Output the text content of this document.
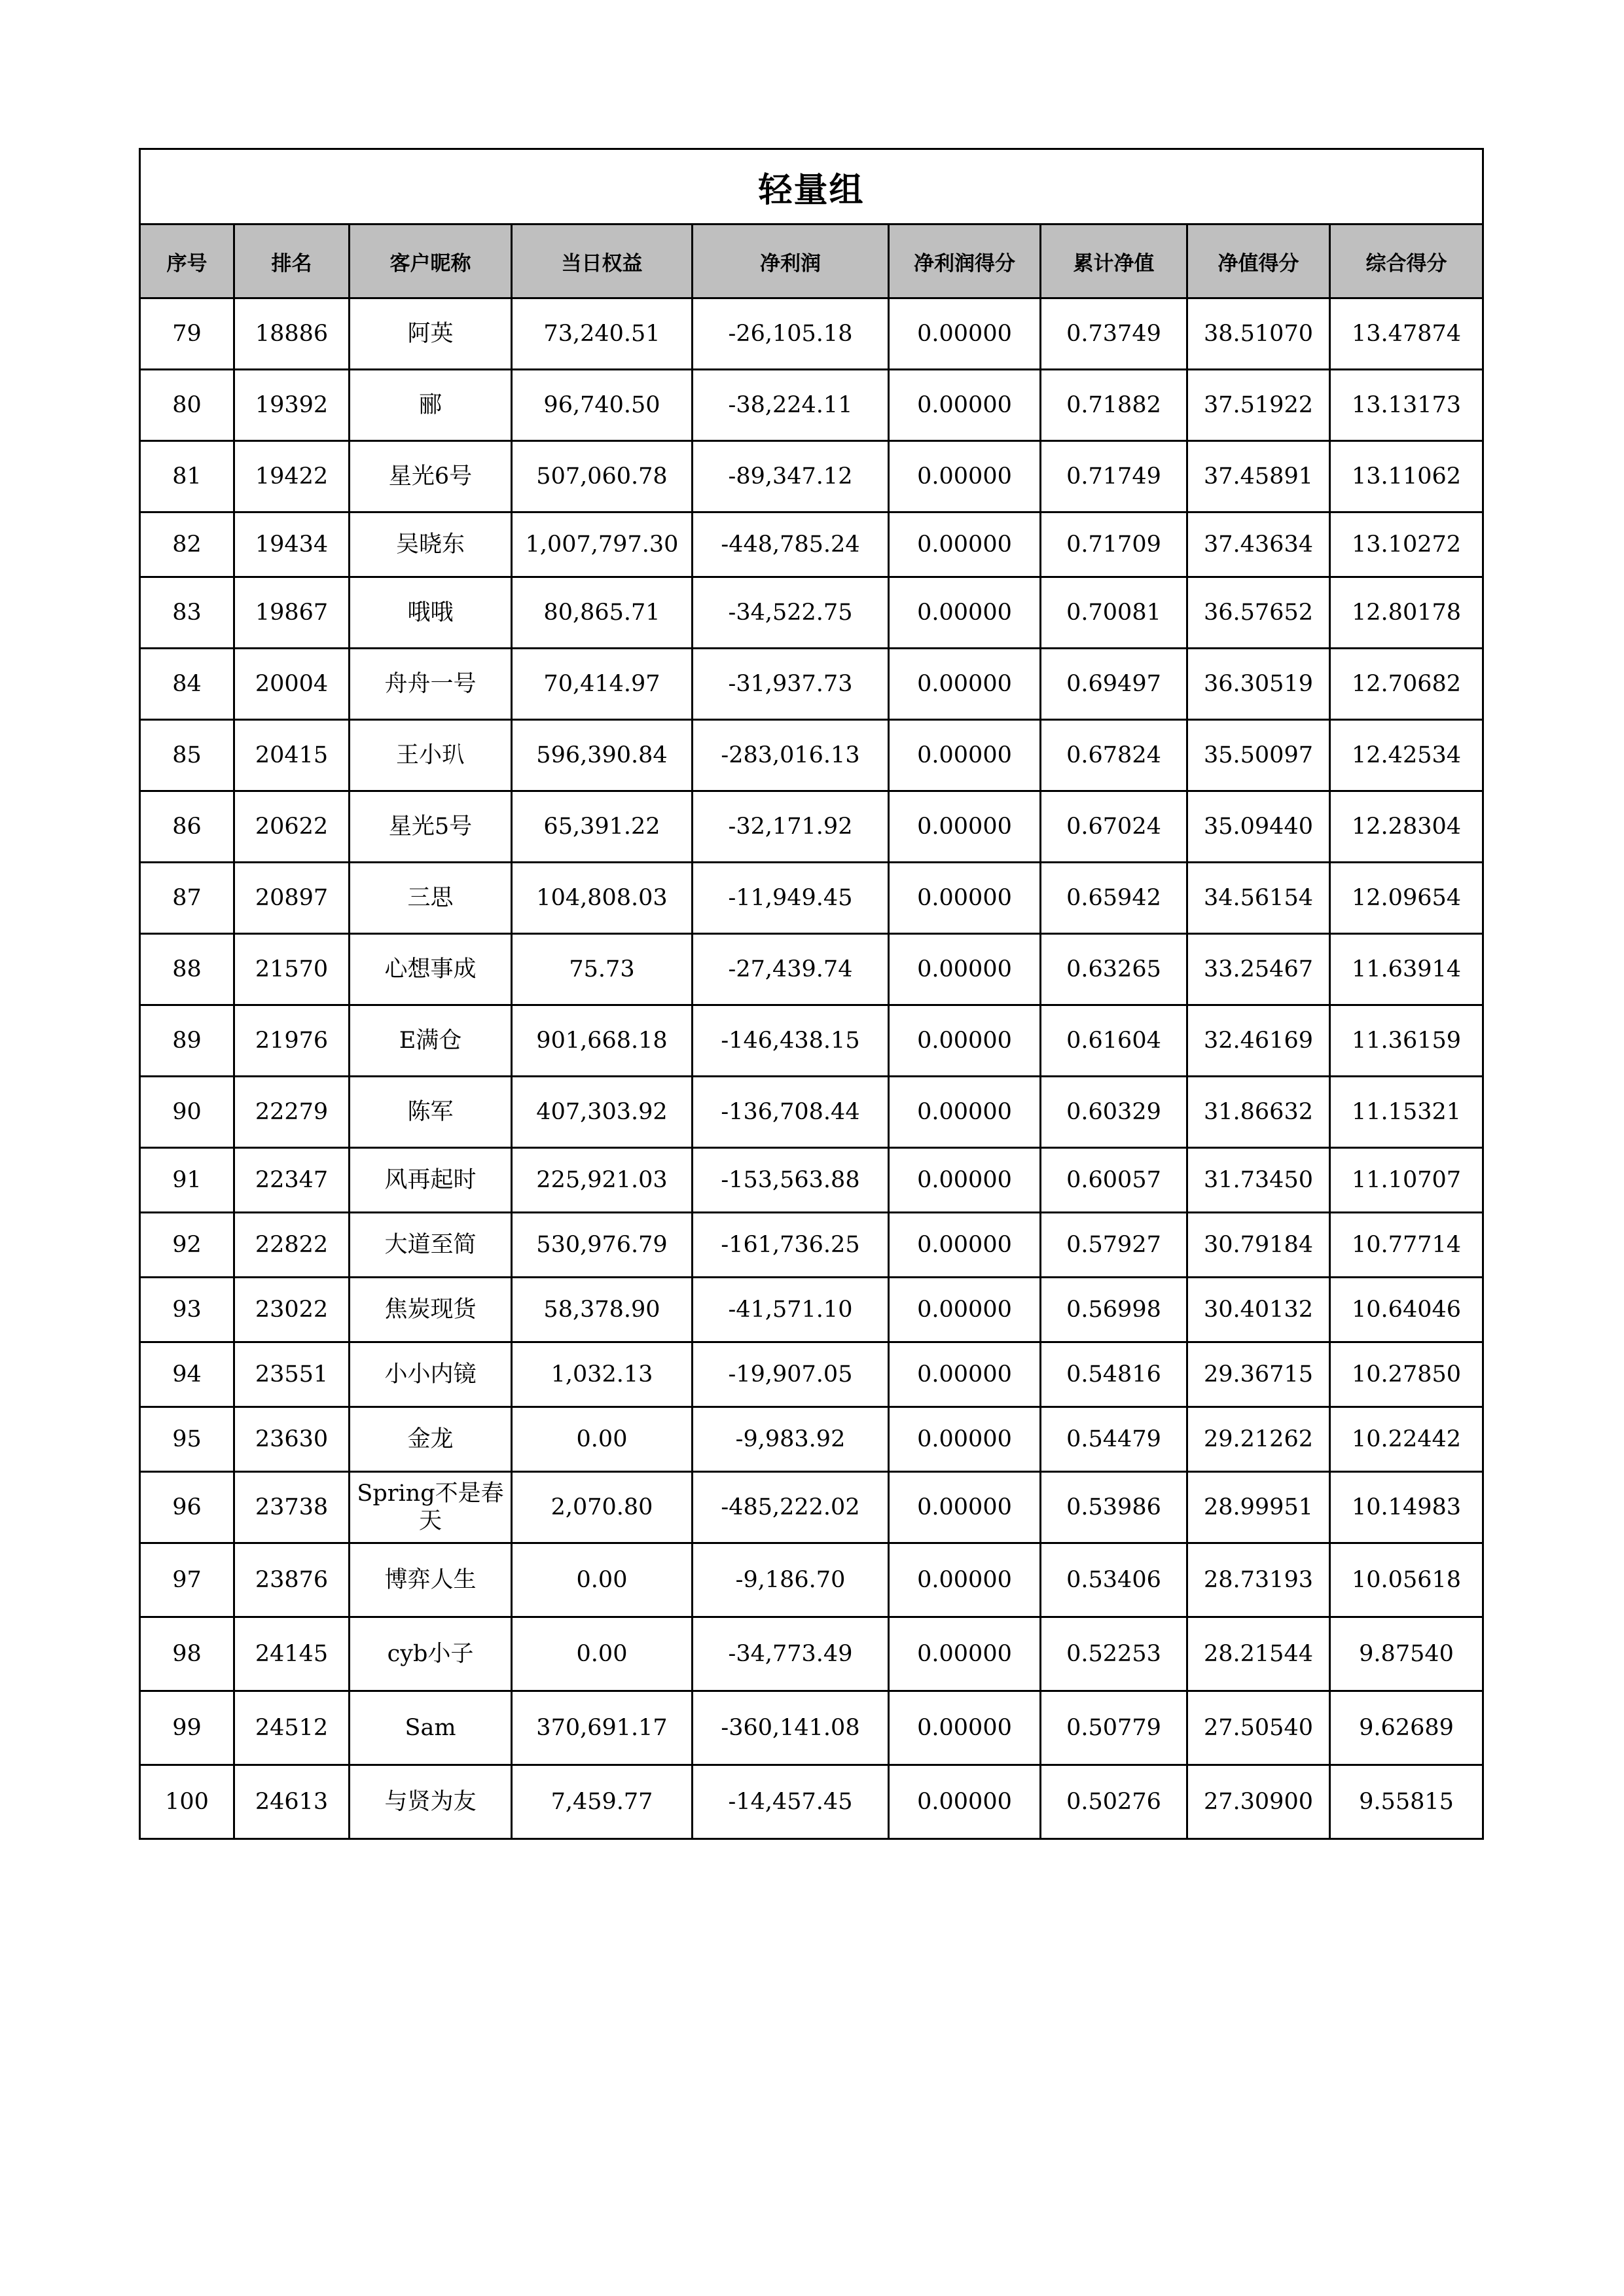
轻量组								
序号	排名	客户昵称	当日权益	净利润	净利润得分	累计净值	净值得分	综合得分
79	18886	阿英	73,240.51	-26,105.18	0.00000	0.73749	38.51070	13.47874
80	19392	郦	96,740.50	-38,224.11	0.00000	0.71882	37.51922	13.13173
81	19422	星光6号	507,060.78	-89,347.12	0.00000	0.71749	37.45891	13.11062
82	19434	吴晓东	1,007,797.30	-448,785.24	0.00000	0.71709	37.43634	13.10272
83	19867	哦哦	80,865.71	-34,522.75	0.00000	0.70081	36.57652	12.80178
84	20004	舟舟一号	70,414.97	-31,937.73	0.00000	0.69497	36.30519	12.70682
85	20415	王小玐	596,390.84	-283,016.13	0.00000	0.67824	35.50097	12.42534
86	20622	星光5号	65,391.22	-32,171.92	0.00000	0.67024	35.09440	12.28304
87	20897	三思	104,808.03	-11,949.45	0.00000	0.65942	34.56154	12.09654
88	21570	心想事成	75.73	-27,439.74	0.00000	0.63265	33.25467	11.63914
89	21976	E满仓	901,668.18	-146,438.15	0.00000	0.61604	32.46169	11.36159
90	22279	陈军	407,303.92	-136,708.44	0.00000	0.60329	31.86632	11.15321
91	22347	风再起时	225,921.03	-153,563.88	0.00000	0.60057	31.73450	11.10707
92	22822	大道至简	530,976.79	-161,736.25	0.00000	0.57927	30.79184	10.77714
93	23022	焦炭现货	58,378.90	-41,571.10	0.00000	0.56998	30.40132	10.64046
94	23551	小小内镜	1,032.13	-19,907.05	0.00000	0.54816	29.36715	10.27850
95	23630	金龙	0.00	-9,983.92	0.00000	0.54479	29.21262	10.22442
96	23738	Spring不是春天	2,070.80	-485,222.02	0.00000	0.53986	28.99951	10.14983
97	23876	博弈人生	0.00	-9,186.70	0.00000	0.53406	28.73193	10.05618
98	24145	cyb小子	0.00	-34,773.49	0.00000	0.52253	28.21544	9.87540
99	24512	Sam	370,691.17	-360,141.08	0.00000	0.50779	27.50540	9.62689
100	24613	与贤为友	7,459.77	-14,457.45	0.00000	0.50276	27.30900	9.55815
